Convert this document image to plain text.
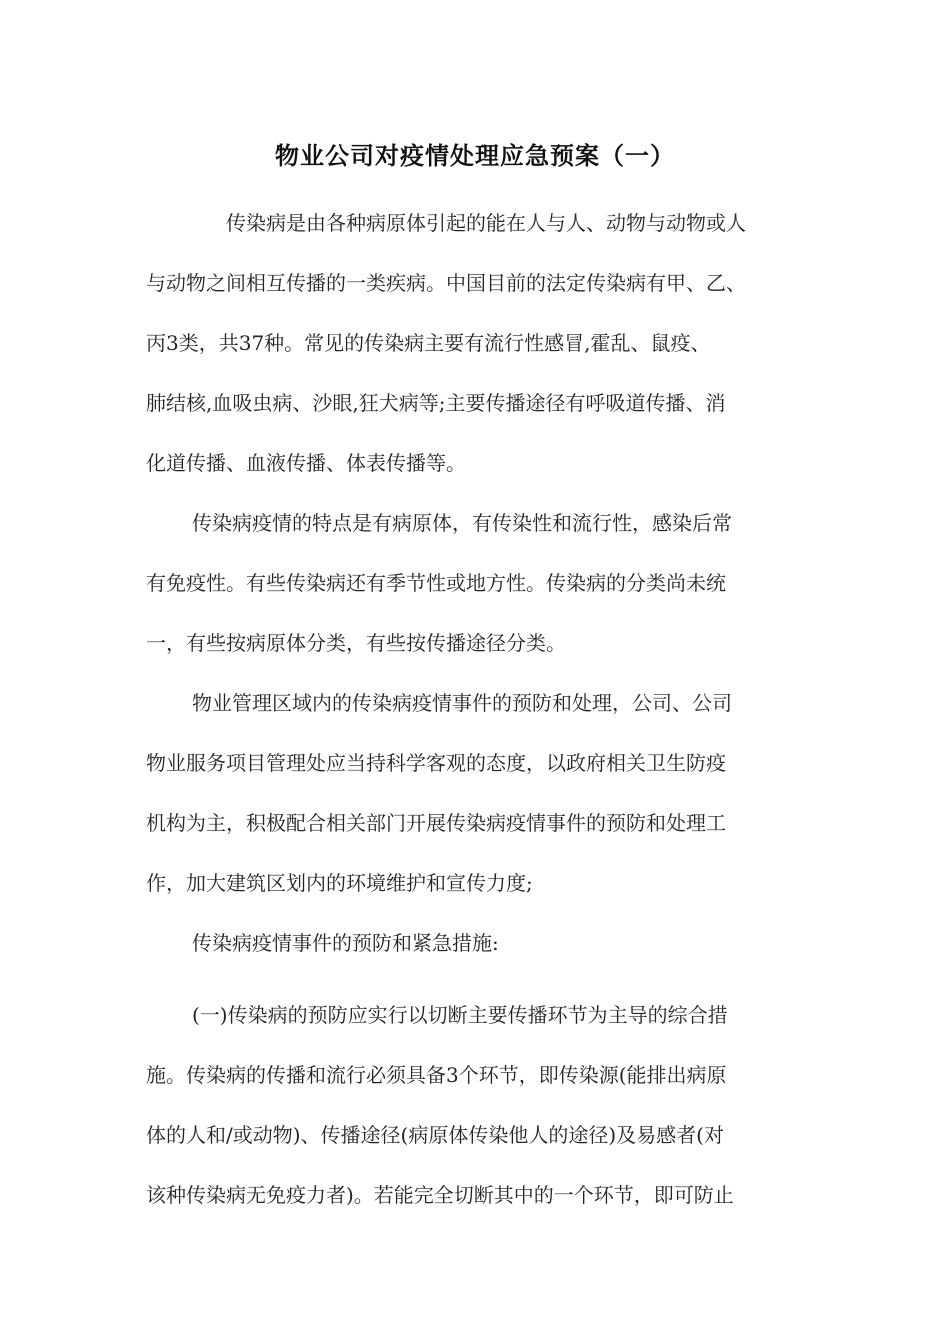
物业公司对疫情处理应急预案（一）

传染病是由各种病原体引起的能在人与人、动物与动物或人
与动物之间相互传播的一类疾病。中国目前的法定传染病有甲、乙、
丙3类，共37种。常见的传染病主要有流行性感冒,霍乱、鼠疫、
肺结核,血吸虫病、沙眼,狂犬病等;主要传播途径有呼吸道传播、消
化道传播、血液传播、体表传播等。

传染病疫情的特点是有病原体，有传染性和流行性，感染后常
有免疫性。有些传染病还有季节性或地方性。传染病的分类尚未统
一，有些按病原体分类，有些按传播途径分类。

物业管理区域内的传染病疫情事件的预防和处理，公司、公司
物业服务项目管理处应当持科学客观的态度，以政府相关卫生防疫
机构为主，积极配合相关部门开展传染病疫情事件的预防和处理工
作，加大建筑区划内的环境维护和宣传力度;

传染病疫情事件的预防和紧急措施:

(一)传染病的预防应实行以切断主要传播环节为主导的综合措
施。传染病的传播和流行必须具备3个环节，即传染源(能排出病原
体的人和/或动物)、传播途径(病原体传染他人的途径)及易感者(对
该种传染病无免疫力者)。若能完全切断其中的一个环节，即可防止
